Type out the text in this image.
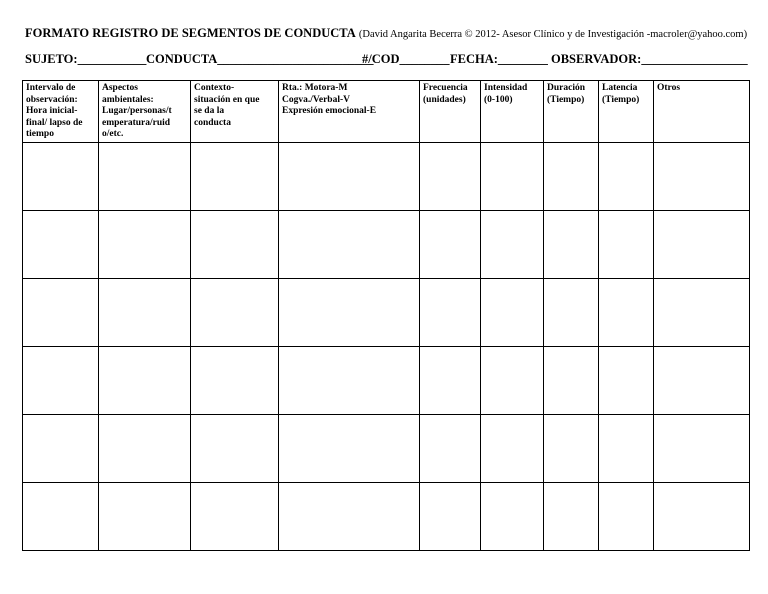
FORMATO REGISTRO DE SEGMENTOS DE CONDUCTA (David Angarita Becerra © 2012- Asesor Clínico y de Investigación -macroler@yahoo.com)
SUJETO:___________CONDUCTA_________________________#/COD________FECHA:________ OBSERVADOR:_________________
Intervalo de
observación:
Hora inicial-
final/ lapso de
tiempo	Aspectos
ambientales:
Lugar/personas/t
emperatura/ruid
o/etc.	Contexto-
situación en que
se da la
conducta	Rta.: Motora-M
Cogva./Verbal-V
Expresión emocional-E	Frecuencia
(unidades)	Intensidad
(0-100)	Duración
(Tiempo)	Latencia
(Tiempo)	Otros
